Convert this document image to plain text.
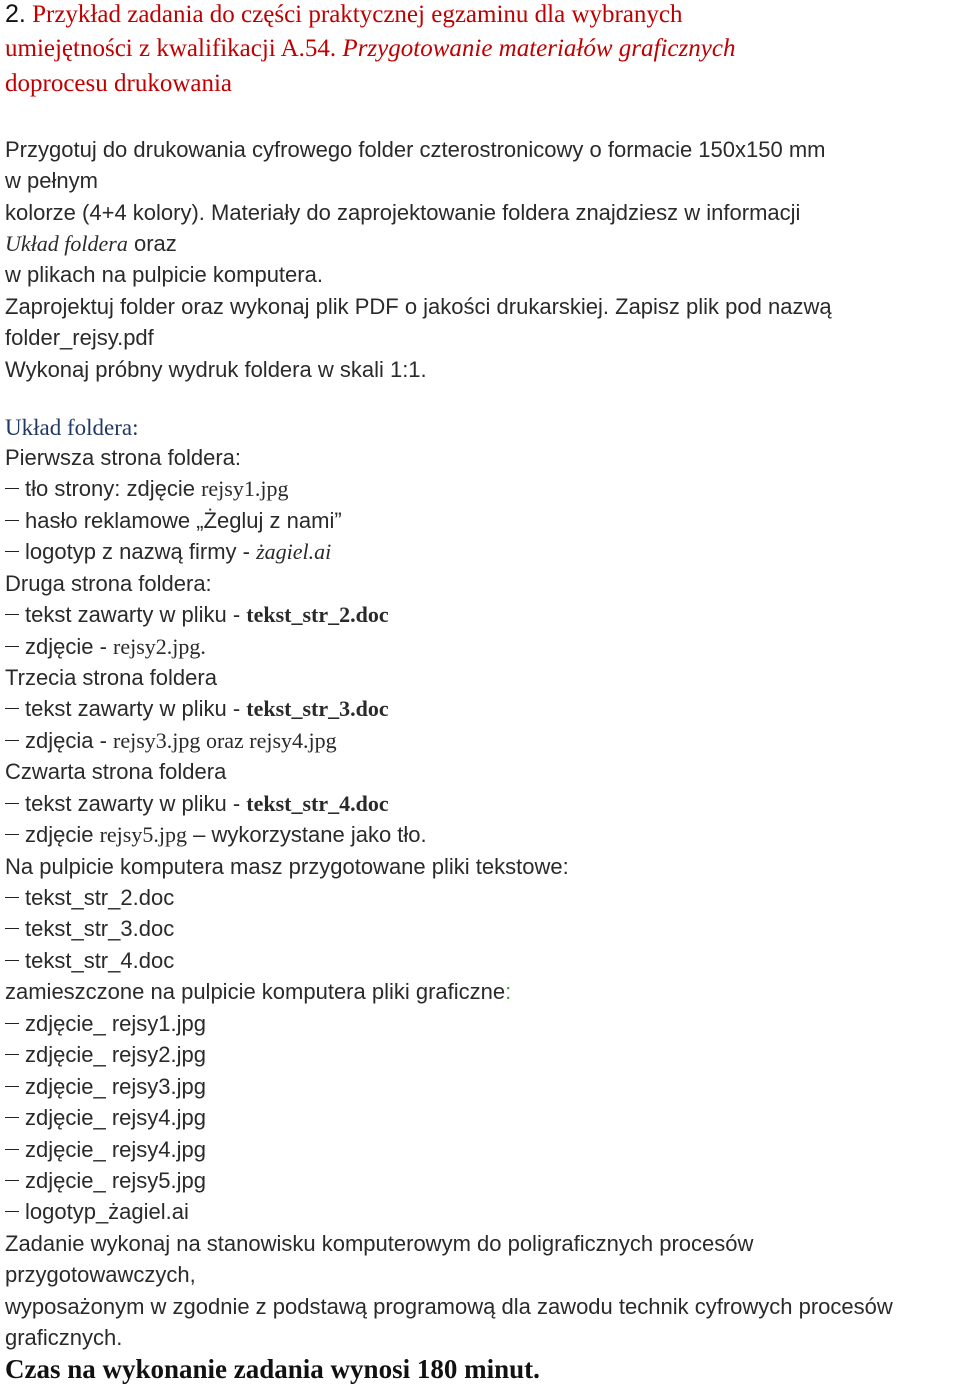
2. Przykład zadania do części praktycznej egzaminu dla wybranych
umiejętności z kwalifikacji A.54. Przygotowanie materiałów graficznych
doprocesu drukowania
Przygotuj do drukowania cyfrowego folder czterostronicowy o formacie 150x150 mm
w pełnym
kolorze (4+4 kolory). Materiały do zaprojektowanie foldera znajdziesz w informacji
Układ foldera oraz
w plikach na pulpicie komputera.
Zaprojektuj folder oraz wykonaj plik PDF o jakości drukarskiej. Zapisz plik pod nazwą
folder_rejsy.pdf
Wykonaj próbny wydruk foldera w skali 1:1.
Układ foldera:
Pierwsza strona foldera:
tło strony: zdjęcie rejsy1.jpg
hasło reklamowe „Żegluj z nami”
logotyp z nazwą firmy - żagiel.ai
Druga strona foldera:
tekst zawarty w pliku - tekst_str_2.doc
zdjęcie - rejsy2.jpg.
Trzecia strona foldera
tekst zawarty w pliku - tekst_str_3.doc
zdjęcia - rejsy3.jpg oraz rejsy4.jpg
Czwarta strona foldera
tekst zawarty w pliku - tekst_str_4.doc
zdjęcie rejsy5.jpg – wykorzystane jako tło.
Na pulpicie komputera masz przygotowane pliki tekstowe:
tekst_str_2.doc
tekst_str_3.doc
tekst_str_4.doc
zamieszczone na pulpicie komputera pliki graficzne:
zdjęcie_ rejsy1.jpg
zdjęcie_ rejsy2.jpg
zdjęcie_ rejsy3.jpg
zdjęcie_ rejsy4.jpg
zdjęcie_ rejsy4.jpg
zdjęcie_ rejsy5.jpg
logotyp_żagiel.ai
Zadanie wykonaj na stanowisku komputerowym do poligraficznych procesów
przygotowawczych,
wyposażonym w zgodnie z podstawą programową dla zawodu technik cyfrowych procesów
graficznych.
Czas na wykonanie zadania wynosi 180 minut.
